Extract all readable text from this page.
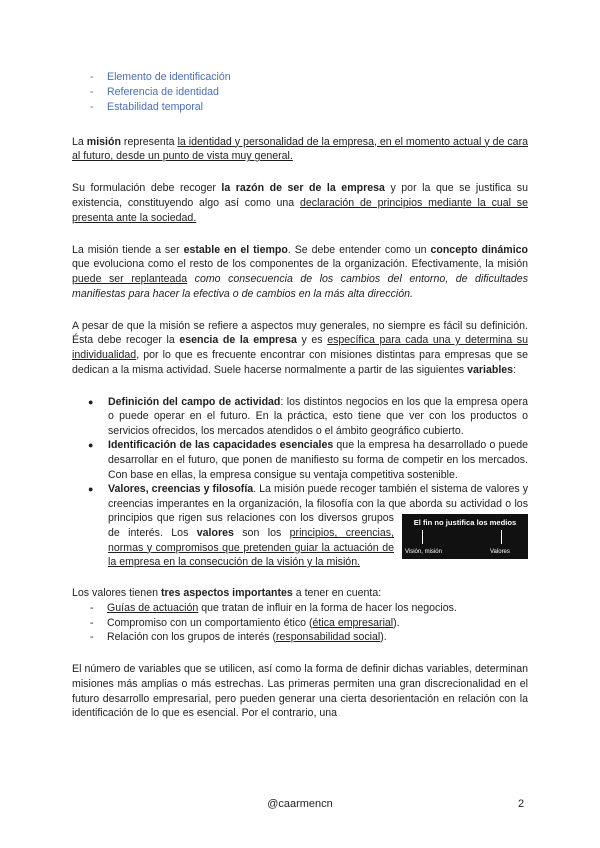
- Elemento de identificación
- Referencia de identidad
- Estabilidad temporal

La misión representa la identidad y personalidad de la empresa, en el momento actual y de cara al futuro, desde un punto de vista muy general.

Su formulación debe recoger la razón de ser de la empresa y por la que se justifica su existencia, constituyendo algo así como una declaración de principios mediante la cual se presenta ante la sociedad.

La misión tiende a ser estable en el tiempo. Se debe entender como un concepto dinámico que evoluciona como el resto de los componentes de la organización. Efectivamente, la misión puede ser replanteada como consecuencia de los cambios del entorno, de dificultades manifiestas para hacer la efectiva o de cambios en la más alta dirección.

A pesar de que la misión se refiere a aspectos muy generales, no siempre es fácil su definición. Ésta debe recoger la esencia de la empresa y es específica para cada una y determina su individualidad, por lo que es frecuente encontrar con misiones distintas para empresas que se dedican a la misma actividad. Suele hacerse normalmente a partir de las siguientes variables:

● Definición del campo de actividad: los distintos negocios en los que la empresa opera o puede operar en el futuro. En la práctica, esto tiene que ver con los productos o servicios ofrecidos, los mercados atendidos o el ámbito geográfico cubierto.
● Identificación de las capacidades esenciales que la empresa ha desarrollado o puede desarrollar en el futuro, que ponen de manifiesto su forma de competir en los mercados. Con base en ellas, la empresa consigue su ventaja competitiva sostenible.
● Valores, creencias y filosofía. La misión puede recoger también el sistema de valores y creencias imperantes en la organización, la filosofía con la que aborda su actividad o los principios que rigen sus relaciones con los	El fin no justifica los medios
Visión, misión	Valores
diversos grupos de interés. Los valores son los principios, creencias, normas y compromisos que pretenden guiar la actuación de la empresa en la consecución de la visión y la misión.

Los valores tienen tres aspectos importantes a tener en cuenta:

- Guías de actuación que tratan de influir en la forma de hacer los negocios.
- Compromiso con un comportamiento ético (ética empresarial).
- Relación con los grupos de interés (responsabilidad social).

El número de variables que se utilicen, así como la forma de definir dichas variables, determinan misiones más amplias o más estrechas. Las primeras permiten una gran discrecionalidad en el futuro desarrollo empresarial, pero pueden generar una cierta desorientación en relación con la identificación de lo que es esencial. Por el contrario, una

@caarmencn	2
